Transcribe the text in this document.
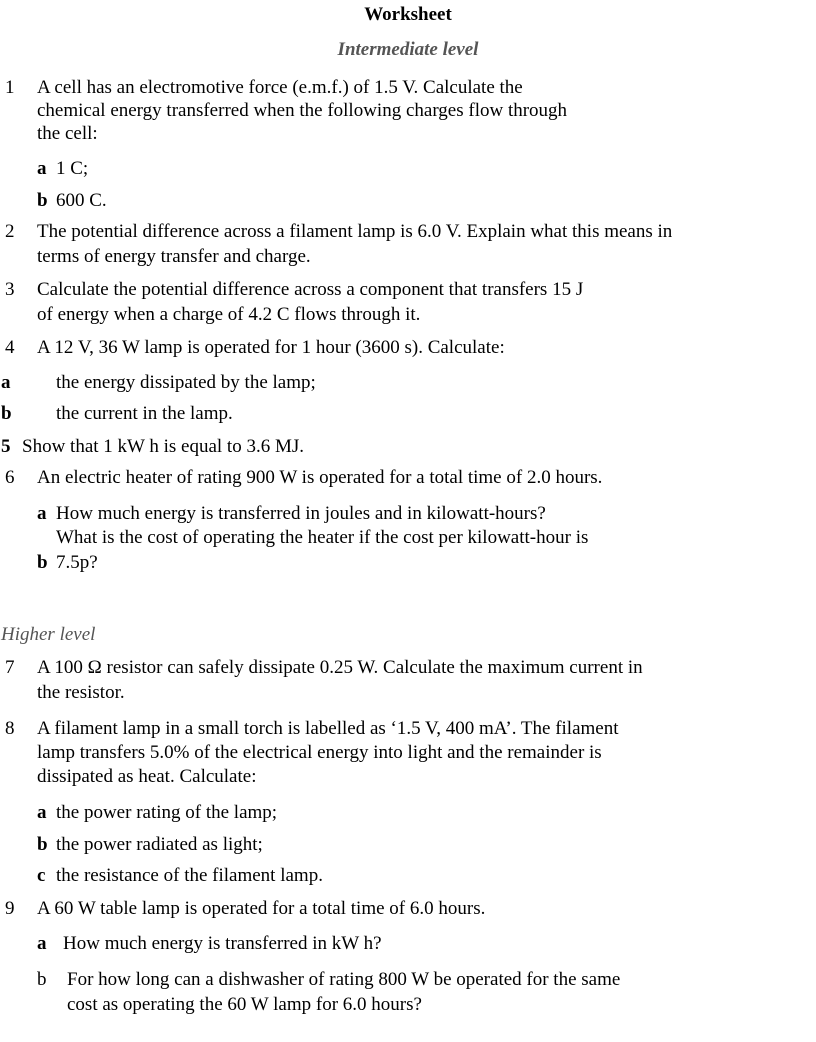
Worksheet
Intermediate level
1 A cell has an electromotive force (e.m.f.) of 1.5 V. Calculate the
chemical energy transferred when the following charges flow through
the cell:
a 1 C;
b 600 C.
2 The potential difference across a filament lamp is 6.0 V. Explain what this means in
terms of energy transfer and charge.
3 Calculate the potential difference across a component that transfers 15 J
of energy when a charge of 4.2 C flows through it.
4 A 12 V, 36 W lamp is operated for 1 hour (3600 s). Calculate:
a the energy dissipated by the lamp;
b the current in the lamp.
5 Show that 1 kW h is equal to 3.6 MJ.
6 An electric heater of rating 900 W is operated for a total time of 2.0 hours.
a How much energy is transferred in joules and in kilowatt-hours?
What is the cost of operating the heater if the cost per kilowatt-hour is
b 7.5p?
Higher level
7 A 100 Ω resistor can safely dissipate 0.25 W. Calculate the maximum current in
the resistor.
8 A filament lamp in a small torch is labelled as ‘1.5 V, 400 mA’. The filament
lamp transfers 5.0% of the electrical energy into light and the remainder is
dissipated as heat. Calculate:
a the power rating of the lamp;
b the power radiated as light;
c the resistance of the filament lamp.
9 A 60 W table lamp is operated for a total time of 6.0 hours.
a How much energy is transferred in kW h?
b For how long can a dishwasher of rating 800 W be operated for the same
cost as operating the 60 W lamp for 6.0 hours?
